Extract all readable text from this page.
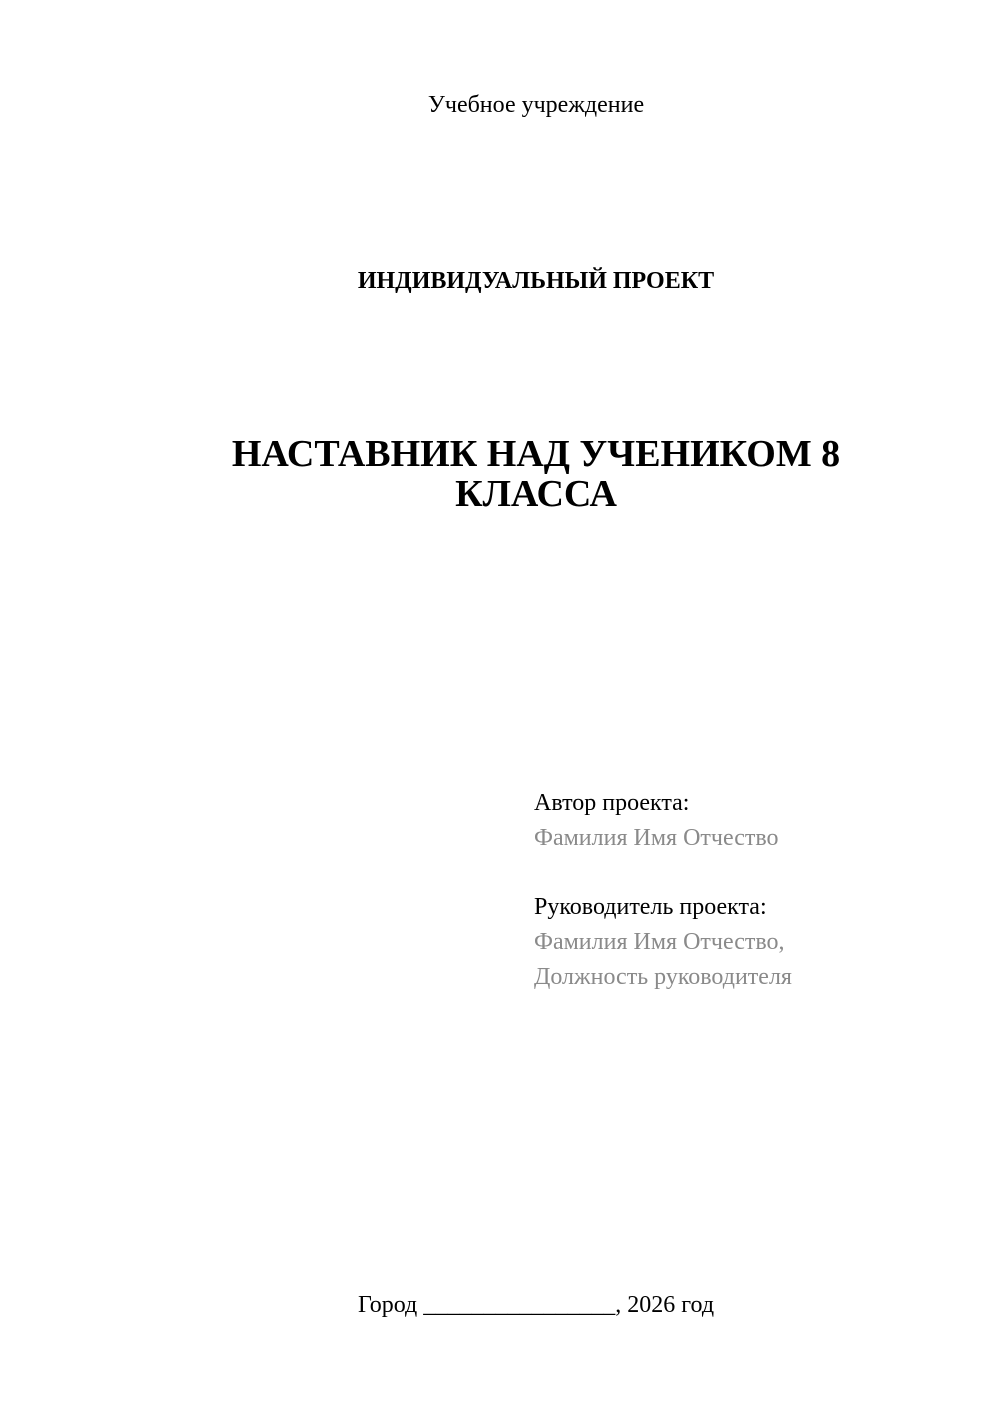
Учебное учреждение
ИНДИВИДУАЛЬНЫЙ ПРОЕКТ
НАСТАВНИК НАД УЧЕНИКОМ 8
КЛАССА
Автор проекта:
Фамилия Имя Отчество
Руководитель проекта:
Фамилия Имя Отчество,
Должность руководителя
Город ________________, 2026 год
